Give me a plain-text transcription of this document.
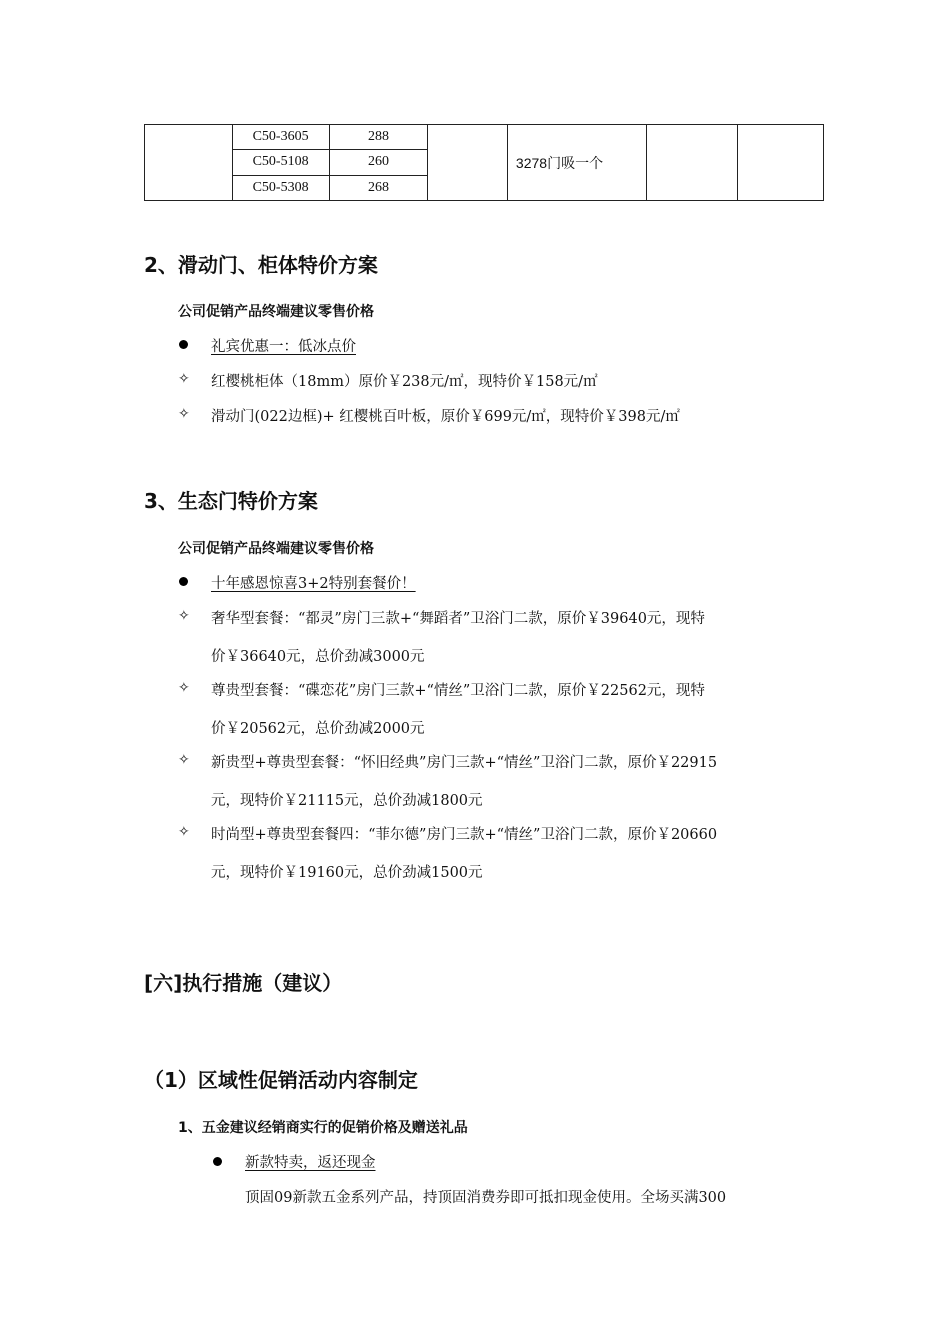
	C50-3605	288		3278门吸一个		
	C50-5108	260				
	C50-5308	268				
2、滑动门、柜体特价方案
公司促销产品终端建议零售价格
礼宾优惠一：低冰点价
✧ 红樱桃柜体（18mm）原价￥238元/㎡，现特价￥158元/㎡
✧ 滑动门(022边框)+ 红樱桃百叶板，原价￥699元/㎡，现特价￥398元/㎡
3、生态门特价方案
公司促销产品终端建议零售价格
十年感恩惊喜3+2特别套餐价！
✧ 奢华型套餐：“都灵”房门三款+“舞蹈者”卫浴门二款，原价￥39640元，现特
价￥36640元，总价劲减3000元
✧ 尊贵型套餐：“碟恋花”房门三款+“情丝”卫浴门二款，原价￥22562元，现特
价￥20562元，总价劲减2000元
✧ 新贵型+尊贵型套餐：“怀旧经典”房门三款+“情丝”卫浴门二款，原价￥22915
元，现特价￥21115元，总价劲减1800元
✧ 时尚型+尊贵型套餐四：“菲尔德”房门三款+“情丝”卫浴门二款，原价￥20660
元，现特价￥19160元，总价劲减1500元
[六]执行措施（建议）
（1）区域性促销活动内容制定
1、五金建议经销商实行的促销价格及赠送礼品
新款特卖，返还现金
顶固09新款五金系列产品，持顶固消费券即可抵扣现金使用。全场买满300
